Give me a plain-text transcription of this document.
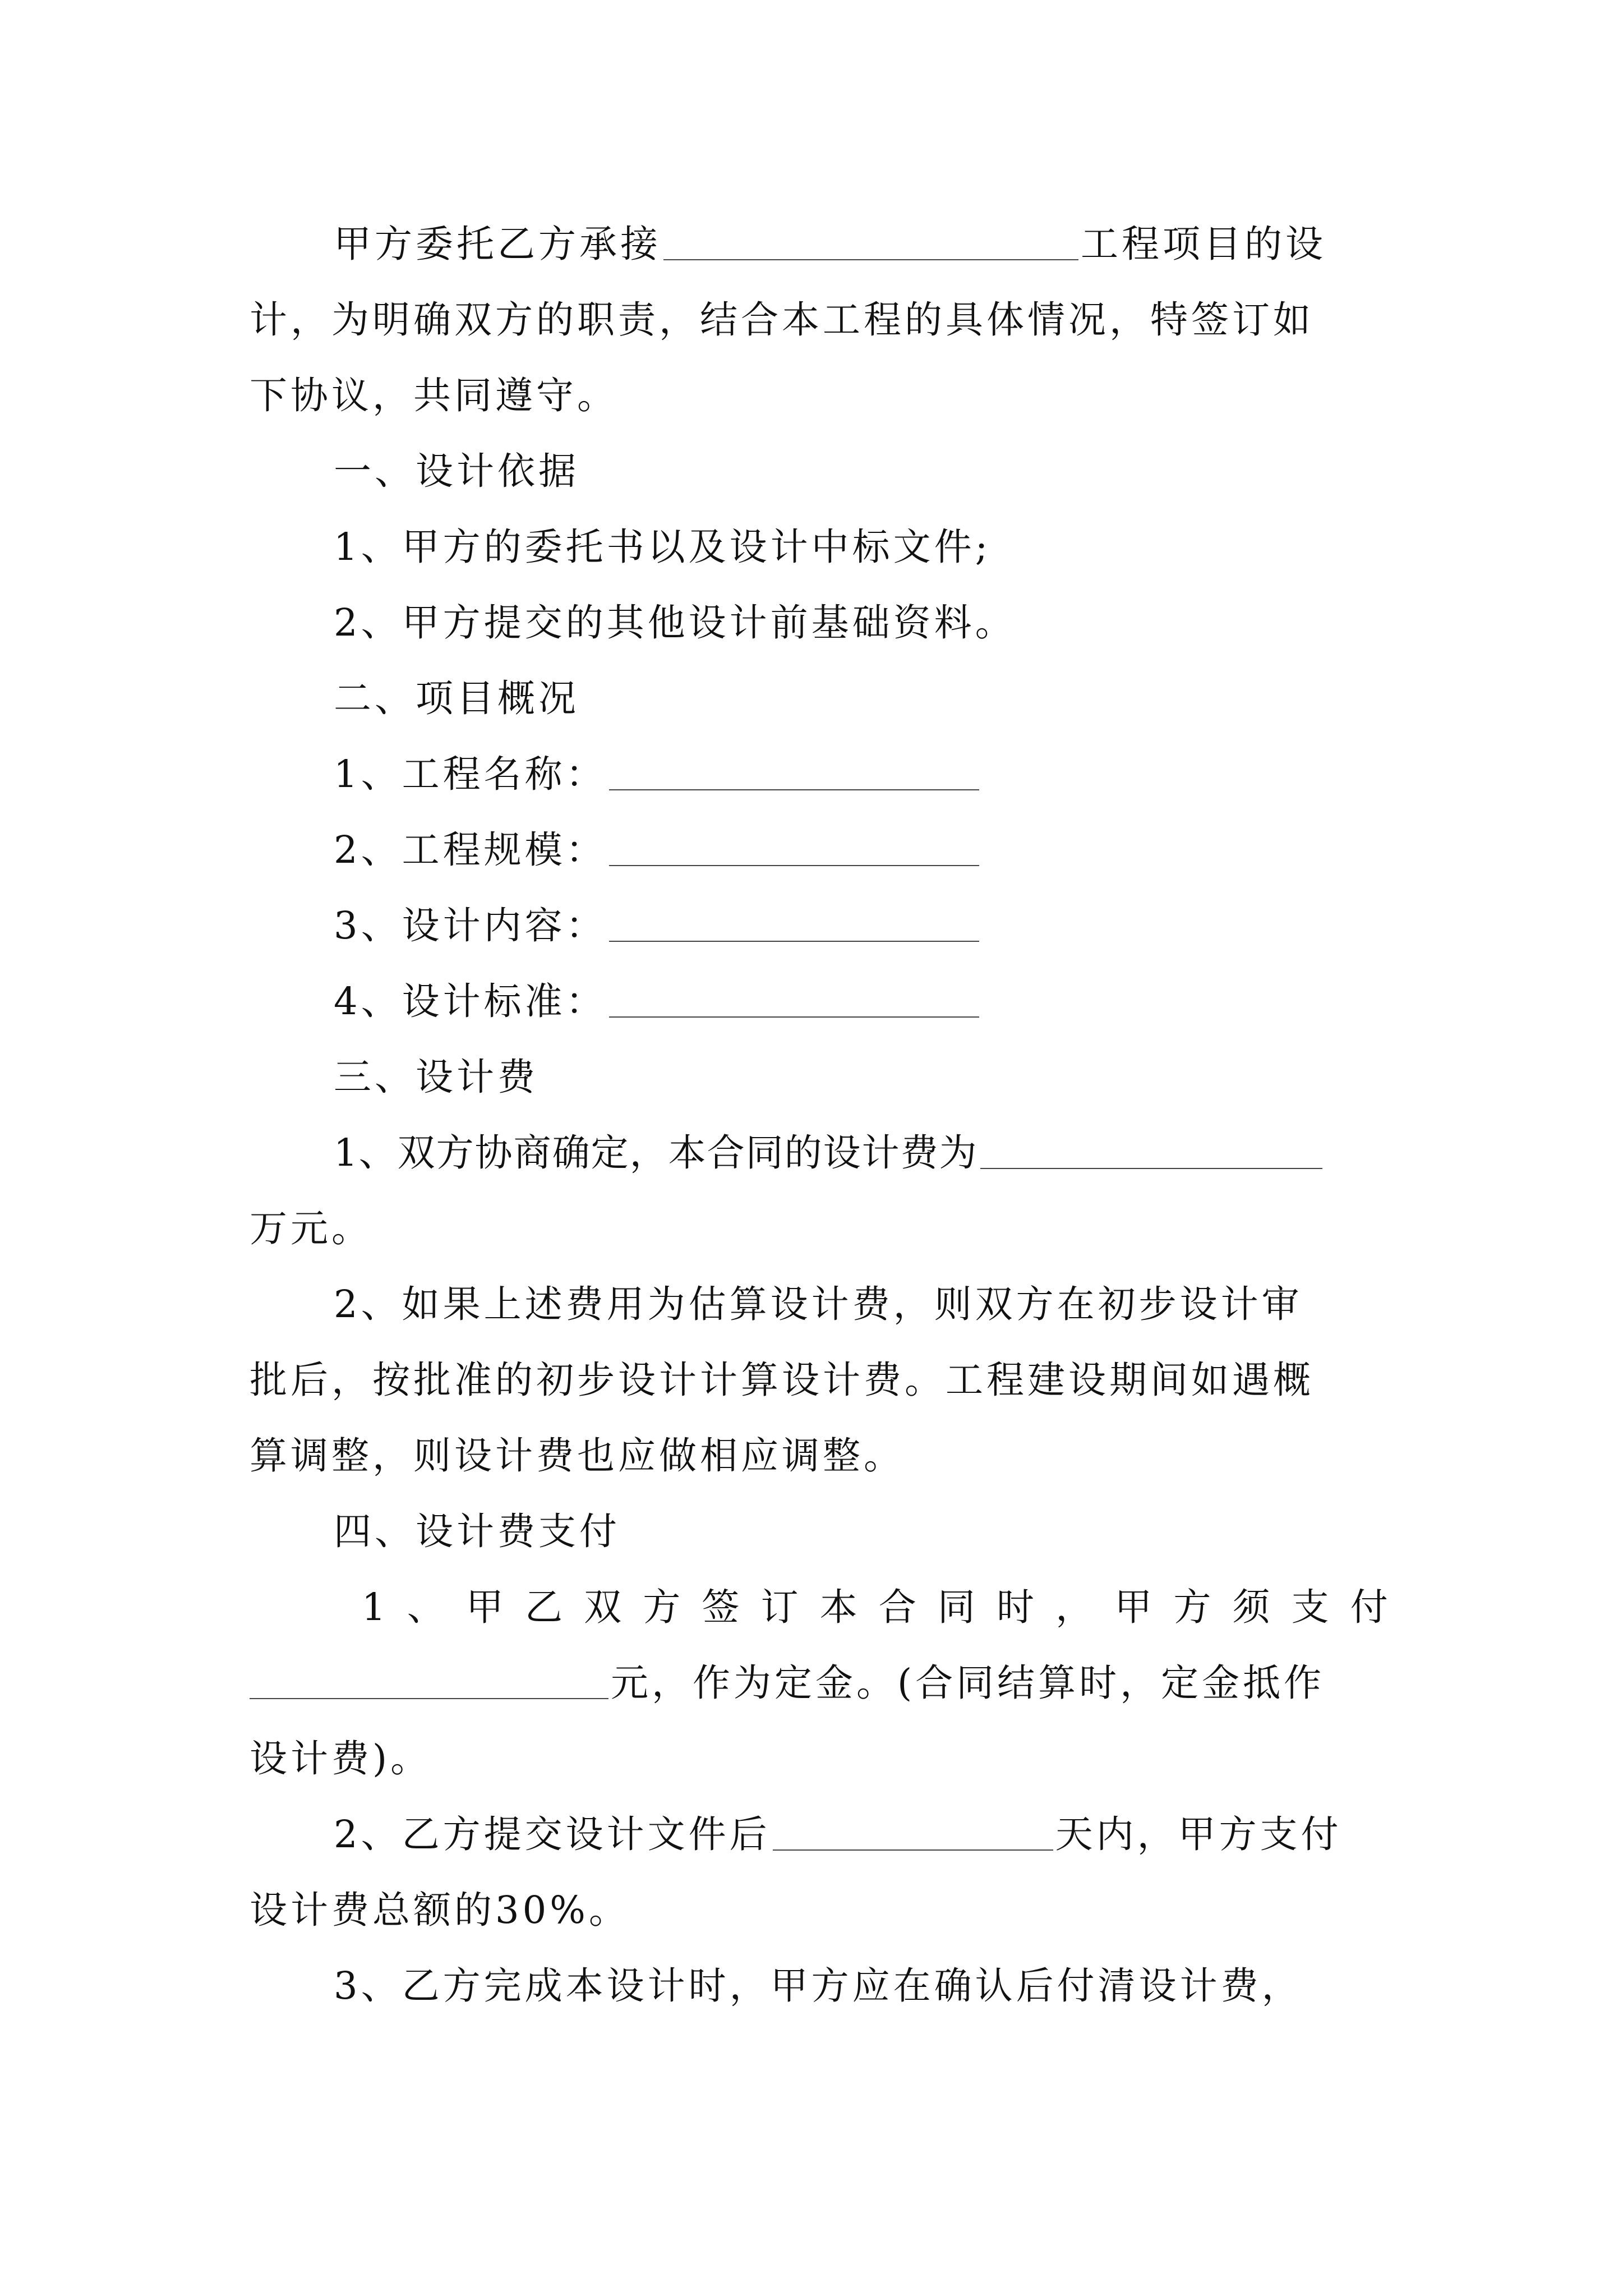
甲方委托乙方承接	工程项目的设
计，为明确双方的职责，结合本工程的具体情况，特签订如
下协议，共同遵守。
一、设计依据
1、甲方的委托书以及设计中标文件;
2、甲方提交的其他设计前基础资料。
二、项目概况
1、工程名称：
2、工程规模：
3、设计内容：
4、设计标准：
三、设计费
1、双方协商确定，本合同的设计费为
万元。
2、如果上述费用为估算设计费，则双方在初步设计审
批后，按批准的初步设计计算设计费。工程建设期间如遇概
算调整，则设计费也应做相应调整。
四、设计费支付
1 、 甲 乙 双 方 签 订 本 合 同 时 ， 甲 方 须 支 付
元，作为定金。(合同结算时，定金抵作
设计费)。
2、乙方提交设计文件后	天内，甲方支付
设计费总额的30%。
3、乙方完成本设计时，甲方应在确认后付清设计费，
